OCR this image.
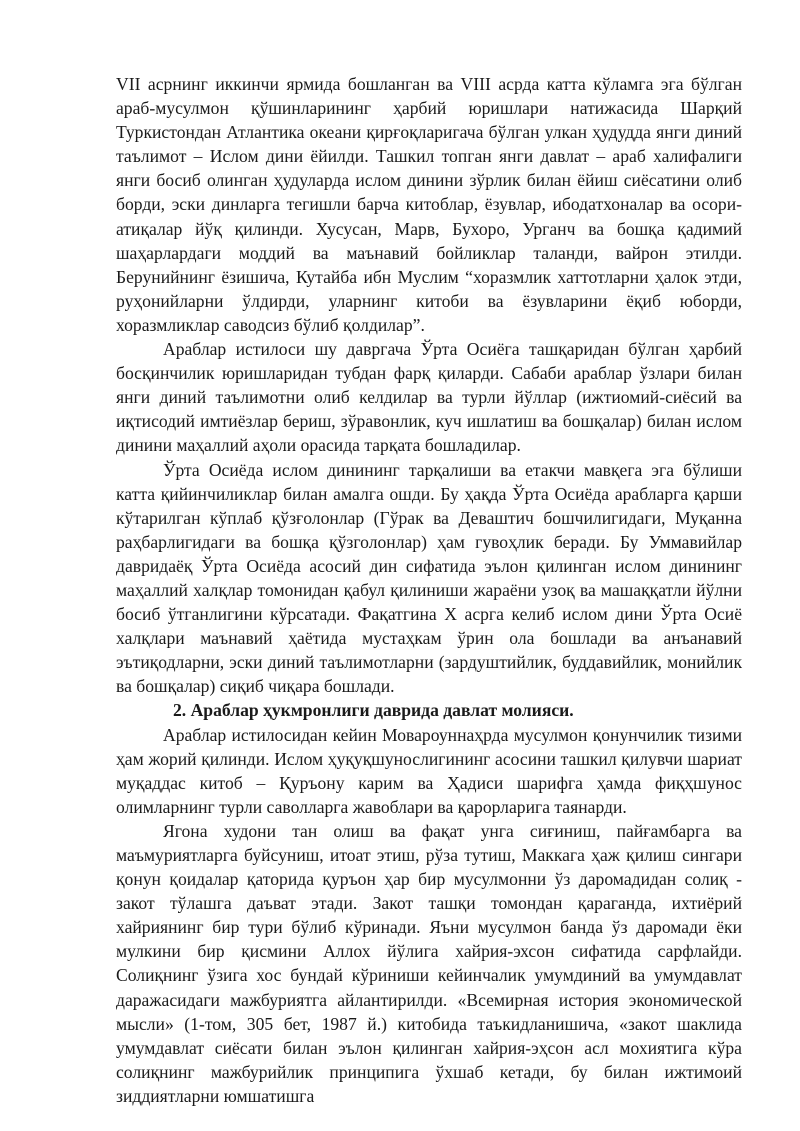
VII асрнинг иккинчи ярмида бошланган ва VIII асрда катта кўламга эга бўлган араб-мусулмон қўшинларининг ҳарбий юришлари натижасида Шарқий Туркистондан Атлантика океани қирғоқларигача бўлган улкан ҳудудда янги диний таълимот – Ислом дини ёйилди. Ташкил топган янги давлат – араб халифалиги янги босиб олинган ҳудуларда ислом динини зўрлик билан ёйиш сиёсатини олиб борди, эски динларга тегишли барча китоблар, ёзувлар, ибодатхоналар ва осори-атиқалар йўқ қилинди. Хусусан, Марв, Бухоро, Урганч ва бошқа қадимий шаҳарлардаги моддий ва маънавий бойликлар таланди, вайрон этилди. Берунийнинг ёзишича, Кутайба ибн Муслим “хоразмлик хаттотларни ҳалок этди, руҳонийларни ўлдирди, уларнинг китоби ва ёзувларини ёқиб юборди, хоразмликлар саводсиз бўлиб қолдилар”.

Араблар истилоси шу давргача Ўрта Осиёга ташқаридан бўлган ҳарбий босқинчилик юришларидан тубдан фарқ қиларди. Сабаби араблар ўзлари билан янги диний таълимотни олиб келдилар ва турли йўллар (ижтиомий-сиёсий ва иқтисодий имтиёзлар бериш, зўравонлик, куч ишлатиш ва бошқалар) билан ислом динини маҳаллий аҳоли орасида тарқата бошладилар.

Ўрта Осиёда ислом динининг тарқалиши ва етакчи мавқега эга бўлиши катта қийинчиликлар билан амалга ошди. Бу ҳақда Ўрта Осиёда арабларга қарши кўтарилган кўплаб қўзғолонлар (Гўрак ва Деваштич бошчилигидаги, Муқанна раҳбарлигидаги ва бошқа қўзголонлар) ҳам гувоҳлик беради. Бу Уммавийлар давридаёқ Ўрта Осиёда асосий дин сифатида эълон қилинган ислом динининг маҳаллий халқлар томонидан қабул қилиниши жараёни узоқ ва машаққатли йўлни босиб ўтганлигини кўрсатади. Фақатгина X асрга келиб ислом дини Ўрта Осиё халқлари маънавий ҳаётида мустаҳкам ўрин ола бошлади ва анъанавий эътиқодларни, эски диний таълимотларни (зардуштийлик, буддавийлик, монийлик ва бошқалар) сиқиб чиқара бошлади.

2. Араблар ҳукмронлиги даврида давлат молияси.

Араблар истилосидан кейин Мовароуннаҳрда мусулмон қонунчилик тизими ҳам жорий қилинди. Ислом ҳуқуқшунослигининг асосини ташкил қилувчи шариат муқаддас китоб – Қуръону карим ва Ҳадиси шарифга ҳамда фиқҳшунос олимларнинг турли саволларга жавоблари ва қарорларига таянарди.

Ягона худони тан олиш ва фақат унга сиғиниш, пайғамбарга ва маъмуриятларга буйсуниш, итоат этиш, рўза тутиш, Маккага ҳаж қилиш сингари қонун қоидалар қаторида қуръон ҳар бир мусулмонни ўз даромадидан солиқ - закот тўлашга даъват этади. Закот ташқи томондан қараганда, ихтиёрий хайриянинг бир тури бўлиб кўринади. Яъни мусулмон банда ўз даромади ёки мулкини бир қисмини Аллох йўлига хайрия-эхсон сифатида сарфлайди. Солиқнинг ўзига хос бундай кўриниши кейинчалик умумдиний ва умумдавлат даражасидаги мажбуриятга айлантирилди. «Всемирная история экономической мысли» (1-том, 305 бет, 1987 й.) китобида таъкидланишича, «закот шаклида умумдавлат сиёсати билан эълон қилинган хайрия-эҳсон асл мохиятига кўра солиқнинг мажбурийлик принципига ўхшаб кетади, бу билан ижтимоий зиддиятларни юмшатишга
